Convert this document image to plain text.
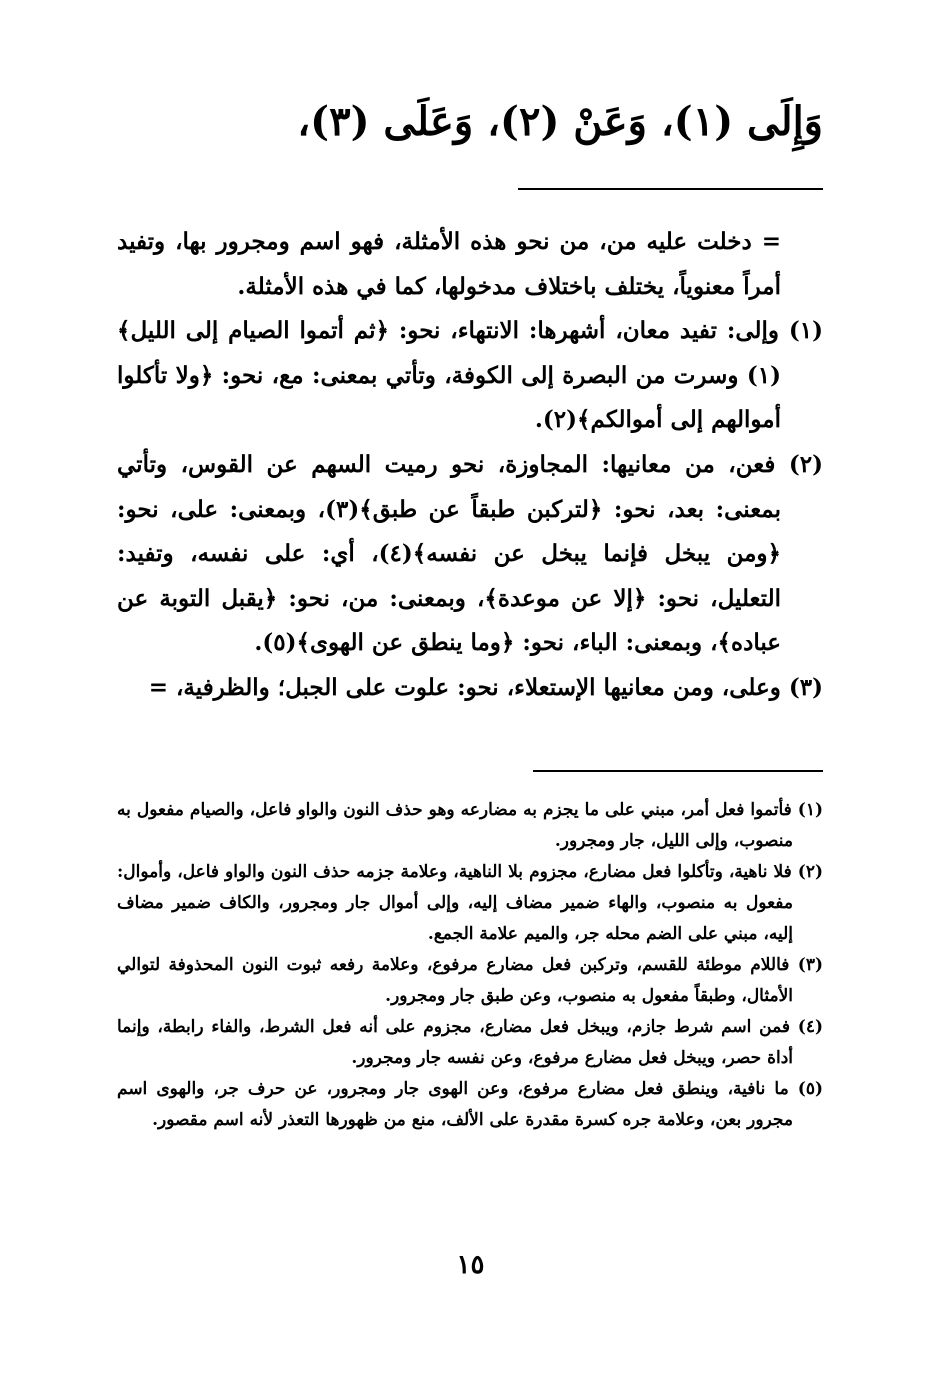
وَإِلَى (١)، وَعَنْ (٢)، وَعَلَى (٣)،

= دخلت عليه من، من نحو هذه الأمثلة، فهو اسم ومجرور بها، وتفيد أمراً معنوياً، يختلف باختلاف مدخولها، كما في هذه الأمثلة.

(١) وإلى: تفيد معان، أشهرها: الانتهاء، نحو: ﴿ثم أتموا الصيام إلى الليل﴾(١) وسرت من البصرة إلى الكوفة، وتأتي بمعنى: مع، نحو: ﴿ولا تأكلوا أموالهم إلى أموالكم﴾(٢).

(٢) فعن، من معانيها: المجاوزة، نحو رميت السهم عن القوس، وتأتي بمعنى: بعد، نحو: ﴿لتركبن طبقاً عن طبق﴾(٣)، وبمعنى: على، نحو: ﴿ومن يبخل فإنما يبخل عن نفسه﴾(٤)، أي: على نفسه، وتفيد: التعليل، نحو: ﴿إلا عن موعدة﴾، وبمعنى: من، نحو: ﴿يقبل التوبة عن عباده﴾، وبمعنى: الباء، نحو: ﴿وما ينطق عن الهوى﴾(٥).

(٣) وعلى، ومن معانيها الإستعلاء، نحو: علوت على الجبل؛ والظرفية، =

(١) فأتموا فعل أمر، مبني على ما يجزم به مضارعه وهو حذف النون والواو فاعل، والصيام مفعول به منصوب، وإلى الليل، جار ومجرور.

(٢) فلا ناهية، وتأكلوا فعل مضارع، مجزوم بلا الناهية، وعلامة جزمه حذف النون والواو فاعل، وأموال: مفعول به منصوب، والهاء ضمير مضاف إليه، وإلى أموال جار ومجرور، والكاف ضمير مضاف إليه، مبني على الضم محله جر، والميم علامة الجمع.

(٣) فاللام موطئة للقسم، وتركبن فعل مضارع مرفوع، وعلامة رفعه ثبوت النون المحذوفة لتوالي الأمثال، وطبقاً مفعول به منصوب، وعن طبق جار ومجرور.

(٤) فمن اسم شرط جازم، ويبخل فعل مضارع، مجزوم على أنه فعل الشرط، والفاء رابطة، وإنما أداة حصر، ويبخل فعل مضارع مرفوع، وعن نفسه جار ومجرور.

(٥) ما نافية، وينطق فعل مضارع مرفوع، وعن الهوى جار ومجرور، عن حرف جر، والهوى اسم مجرور بعن، وعلامة جره كسرة مقدرة على الألف، منع من ظهورها التعذر لأنه اسم مقصور.

١٥
